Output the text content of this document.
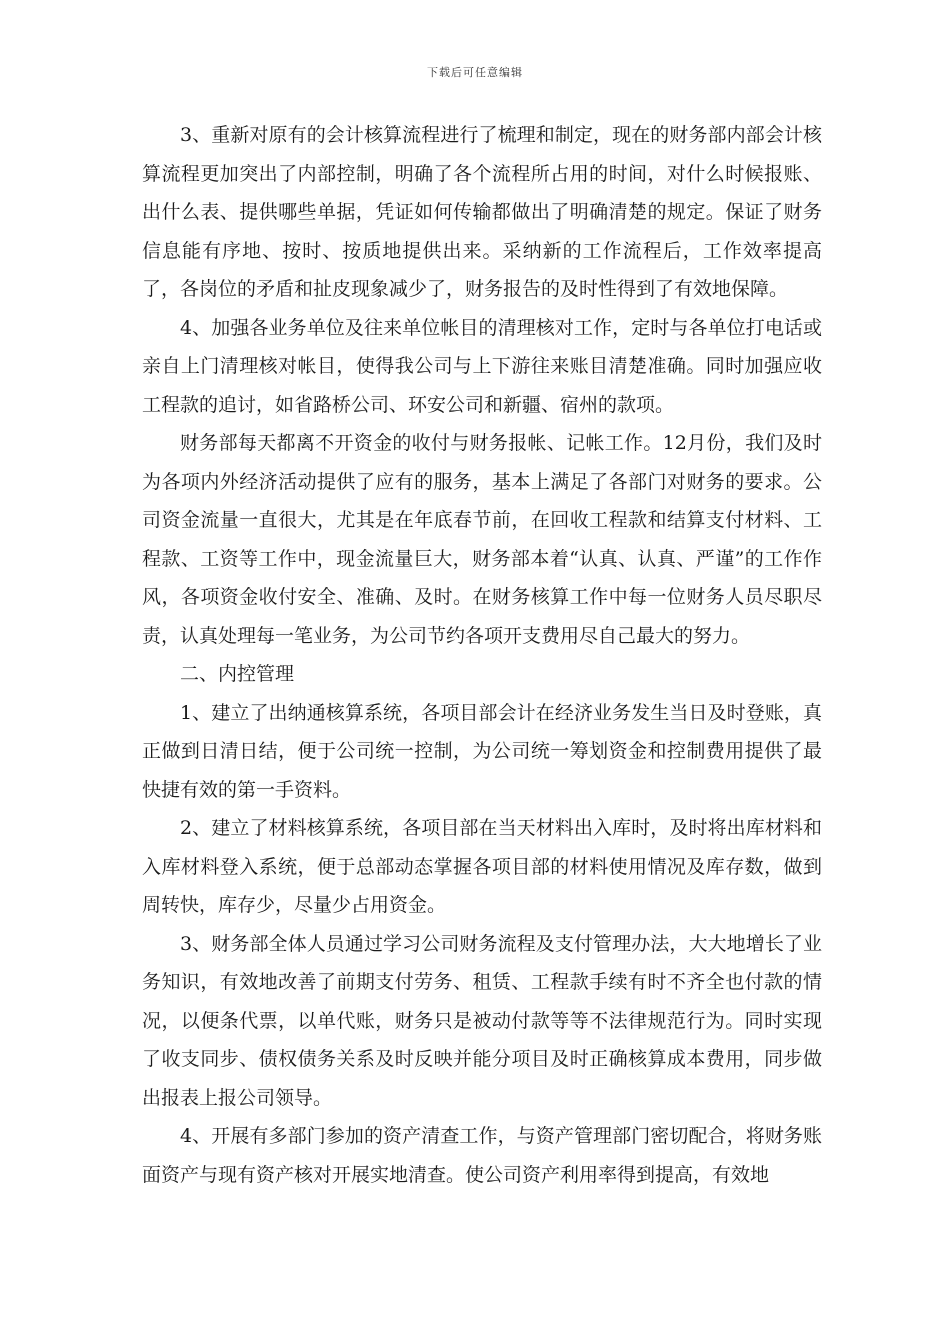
下载后可任意编辑

3、重新对原有的会计核算流程进行了梳理和制定，现在的财务部内部会计核算流程更加突出了内部控制，明确了各个流程所占用的时间，对什么时候报账、出什么表、提供哪些单据，凭证如何传输都做出了明确清楚的规定。保证了财务信息能有序地、按时、按质地提供出来。采纳新的工作流程后，工作效率提高了，各岗位的矛盾和扯皮现象减少了，财务报告的及时性得到了有效地保障。

4、加强各业务单位及往来单位帐目的清理核对工作，定时与各单位打电话或亲自上门清理核对帐目，使得我公司与上下游往来账目清楚准确。同时加强应收工程款的追讨，如省路桥公司、环安公司和新疆、宿州的款项。

财务部每天都离不开资金的收付与财务报帐、记帐工作。12月份，我们及时为各项内外经济活动提供了应有的服务，基本上满足了各部门对财务的要求。公司资金流量一直很大，尤其是在年底春节前，在回收工程款和结算支付材料、工程款、工资等工作中，现金流量巨大，财务部本着“认真、认真、严谨”的工作作风，各项资金收付安全、准确、及时。在财务核算工作中每一位财务人员尽职尽责，认真处理每一笔业务，为公司节约各项开支费用尽自己最大的努力。

二、内控管理

1、建立了出纳通核算系统，各项目部会计在经济业务发生当日及时登账，真正做到日清日结，便于公司统一控制，为公司统一筹划资金和控制费用提供了最快捷有效的第一手资料。

2、建立了材料核算系统，各项目部在当天材料出入库时，及时将出库材料和入库材料登入系统，便于总部动态掌握各项目部的材料使用情况及库存数，做到周转快，库存少，尽量少占用资金。

3、财务部全体人员通过学习公司财务流程及支付管理办法，大大地增长了业务知识，有效地改善了前期支付劳务、租赁、工程款手续有时不齐全也付款的情况，以便条代票，以单代账，财务只是被动付款等等不法律规范行为。同时实现了收支同步、债权债务关系及时反映并能分项目及时正确核算成本费用，同步做出报表上报公司领导。

4、开展有多部门参加的资产清查工作，与资产管理部门密切配合，将财务账面资产与现有资产核对开展实地清查。使公司资产利用率得到提高，有效地
